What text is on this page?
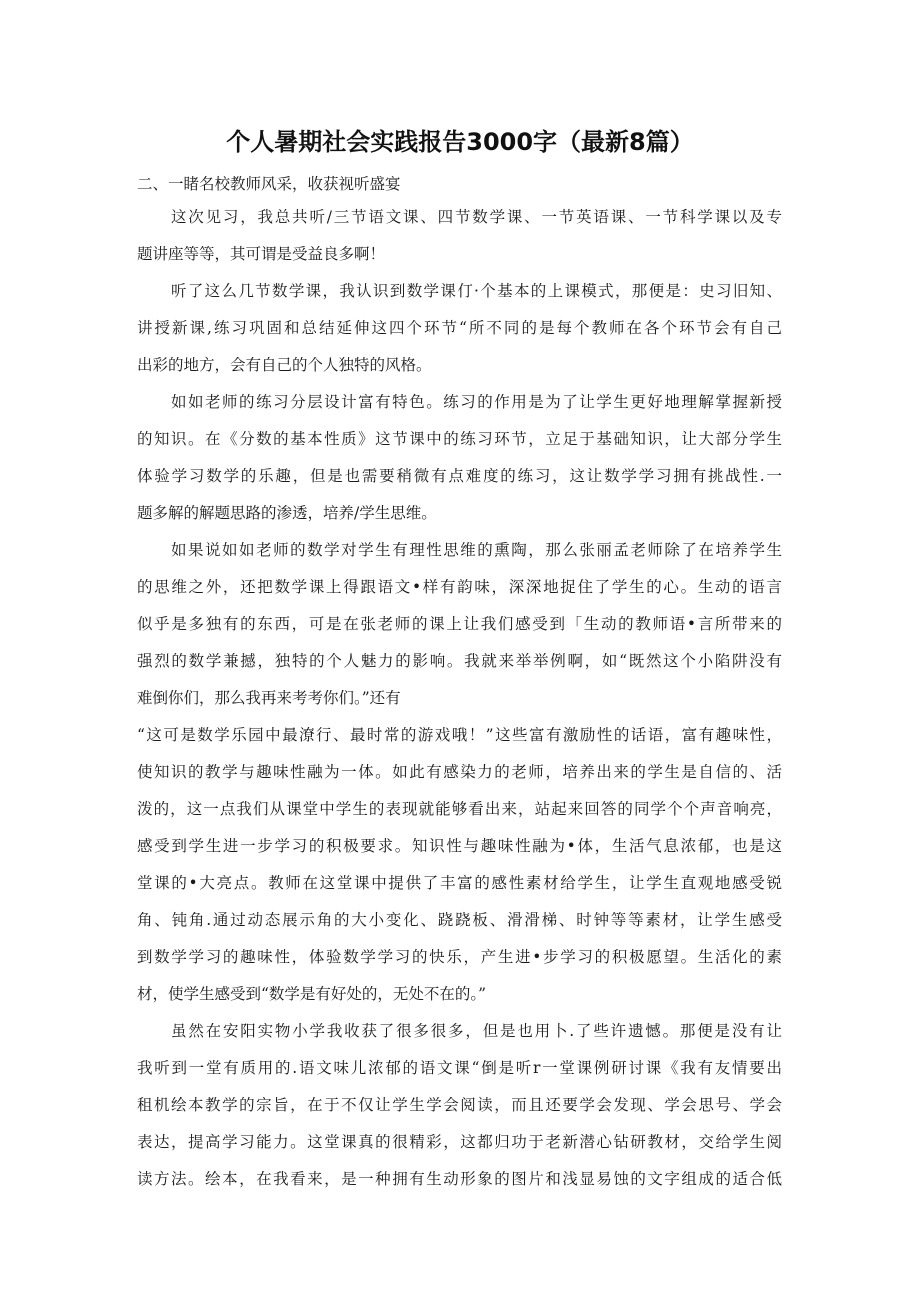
个人暑期社会实践报告3000字（最新8篇）

二、一睹名校教师风采，收获视听盛宴

这次见习，我总共听/三节语文课、四节数学课、一节英语课、一节科学课以及专

题讲座等等，其可谓是受益良多啊！

听了这么几节数学课，我认识到数学课仃·个基本的上课模式，那便是：史习旧知、

讲授新课,练习巩固和总结延伸这四个环节“所不同的是每个教师在各个环节会有自己

出彩的地方，会有自己的个人独特的风格。

如如老师的练习分层设计富有特色。练习的作用是为了让学生更好地理解掌握新授

的知识。在《分数的基本性质》这节课中的练习环节，立足于基础知识，让大部分学生

体验学习数学的乐趣，但是也需要稍微有点难度的练习，这让数学学习拥有挑战性.一

题多解的解题思路的渗透，培养/学生思维。

如果说如如老师的数学对学生有理性思维的熏陶，那么张丽孟老师除了在培养学生

的思维之外，还把数学课上得跟语文•样有韵味，深深地捉住了学生的心。生动的语言

似乎是多独有的东西，可是在张老师的课上让我们感受到「生动的教师语•言所带来的

强烈的数学兼撼，独特的个人魅力的影响。我就来举举例啊，如“既然这个小陷阱没有

难倒你们，那么我再来考考你们。”还有

“这可是数学乐园中最潦行、最时常的游戏哦！”这些富有激励性的话语，富有趣味性，

使知识的教学与趣味性融为一体。如此有感染力的老师，培养出来的学生是自信的、活

泼的，这一点我们从课堂中学生的表现就能够看出来，站起来回答的同学个个声音响亮，

感受到学生进一步学习的积极要求。知识性与趣味性融为•体，生活气息浓郁，也是这

堂课的•大亮点。教师在这堂课中提供了丰富的感性素材给学生，让学生直观地感受锐

角、钝角.通过动态展示角的大小变化、跷跷板、滑滑梯、时钟等等素材，让学生感受

到数学学习的趣味性，体验数学学习的快乐，产生进•步学习的积极愿望。生活化的素

材，使学生感受到“数学是有好处的，无处不在的。”

虽然在安阳实物小学我收获了很多很多，但是也用卜.了些许遗憾。那便是没有让

我听到一堂有质用的.语文味儿浓郁的语文课“倒是听r一堂课例研讨课《我有友情要出

租机绘本教学的宗旨，在于不仅让学生学会阅读，而且还要学会发现、学会思号、学会

表达，提高学习能力。这堂课真的很精彩，这都归功于老新潜心钻研教材，交给学生阅

读方法。绘本，在我看来，是一种拥有生动形象的图片和浅显易蚀的文字组成的适合低
